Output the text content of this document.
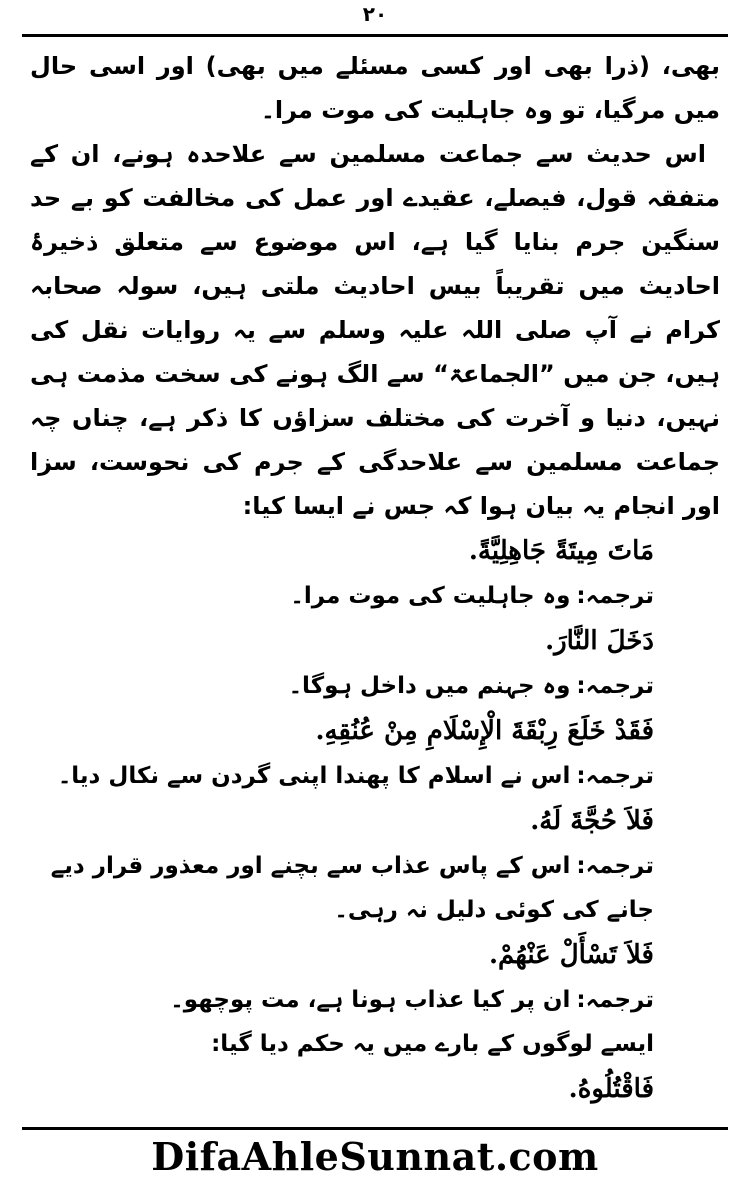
۲۰

بھی، (ذرا بھی اور کسی مسئلے میں بھی) اور اسی حال میں مرگیا، تو وہ جاہلیت کی موت مرا۔

اس حدیث سے جماعت مسلمین سے علاحدہ ہونے، ان کے متفقہ قول، فیصلے، عقیدے اور عمل کی مخالفت کو بے حد سنگین جرم بنایا گیا ہے، اس موضوع سے متعلق ذخیرۂ احادیث میں تقریباً بیس احادیث ملتی ہیں، سولہ صحابہ کرام نے آپ صلی اللہ علیہ وسلم سے یہ روایات نقل کی ہیں، جن میں ”الجماعۃ“ سے الگ ہونے کی سخت مذمت ہی نہیں، دنیا و آخرت کی مختلف سزاؤں کا ذکر ہے، چناں چہ جماعت مسلمین سے علاحدگی کے جرم کی نحوست، سزا اور انجام یہ بیان ہوا کہ جس نے ایسا کیا:

مَاتَ مِيتَةً جَاهِلِيَّةً.

ترجمہ:وہ جاہلیت کی موت مرا۔

دَخَلَ النَّارَ.

ترجمہ:وہ جہنم میں داخل ہوگا۔

فَقَدْ خَلَعَ رِبْقَةَ الْإِسْلَامِ مِنْ عُنُقِهِ.

ترجمہ:اس نے اسلام کا پھندا اپنی گردن سے نکال دیا۔

فَلاَ حُجَّةَ لَهُ.

ترجمہ:اس کے پاس عذاب سے بچنے اور معذور قرار دیے جانے کی کوئی دلیل نہ رہی۔

فَلاَ تَسْأَلْ عَنْهُمْ.

ترجمہ:ان پر کیا عذاب ہونا ہے، مت پوچھو۔

ایسے لوگوں کے بارے میں یہ حکم دیا گیا:

فَاقْتُلُوهُ.

DifaAhleSunnat.com
